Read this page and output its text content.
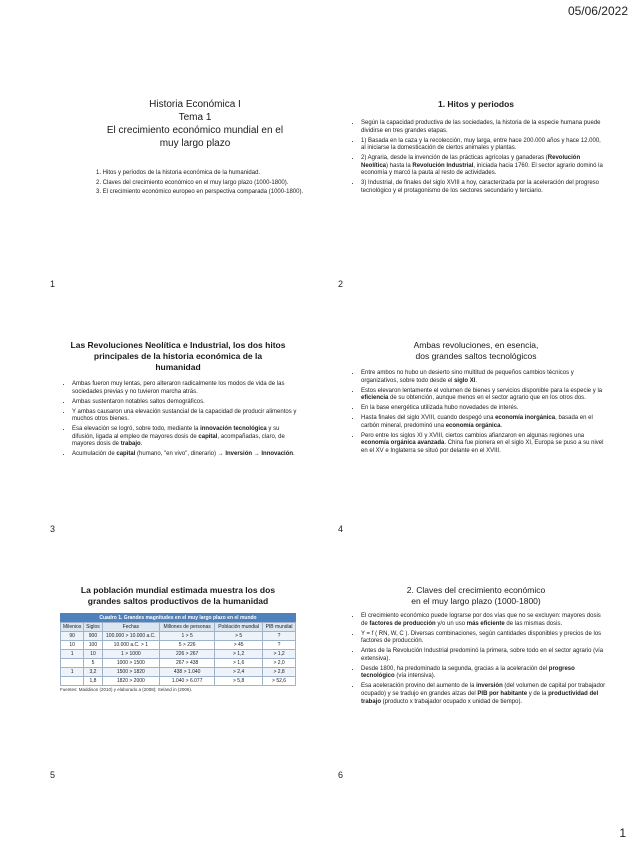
05/06/2022
Historia Económica I
Tema 1
El crecimiento económico mundial en el
muy largo plazo
1. Hitos y períodos de la historia económica de la humanidad.
2. Claves del crecimiento económico en el muy largo plazo (1000-1800).
3. El crecimiento económico europeo en perspectiva comparada (1000-1800).
1
1. Hitos y periodos
• Según la capacidad productiva de las sociedades, la historia de la especie humana puede dividirse en tres grandes etapas.
• 1) Basada en la caza y la recolección, muy larga, entre hace 200.000 años y hace 12.000, al iniciarse la domesticación de ciertos animales y plantas.
• 2) Agraria, desde la invención de las prácticas agrícolas y ganaderas (Revolución Neolítica) hasta la Revolución Industrial, iniciada hacia 1760. El sector agrario dominó la economía y marcó la pauta al resto de actividades.
• 3) Industrial, de finales del siglo XVIII a hoy, caracterizada por la aceleración del progreso tecnológico y el protagonismo de los sectores secundario y terciario.
2
Las Revoluciones Neolítica e Industrial, los dos hitos
principales de la historia económica de la
humanidad
• Ambas fueron muy lentas, pero alteraron radicalmente los modos de vida de las sociedades previas y no tuvieron marcha atrás.
• Ambas sustentaron notables saltos demográficos.
• Y ambas causaron una elevación sustancial de la capacidad de producir alimentos y muchos otros bienes.
• Esa elevación se logró, sobre todo, mediante la innovación tecnológica y su difusión, ligada al empleo de mayores dosis de capital, acompañadas, claro, de mayores dosis de trabajo.
• Acumulación de capital (humano, "en vivo", dinerario) → Inversión → Innovación.
3
Ambas revoluciones, en esencia,
dos grandes saltos tecnológicos
• Entre ambos no hubo un desierto sino multitud de pequeños cambios técnicos y organizativos, sobre todo desde el siglo XI.
• Estos elevaron lentamente el volumen de bienes y servicios disponible para la especie y la eficiencia de su obtención, aunque menos en el sector agrario que en los otros dos.
• En la base energética utilizada hubo novedades de interés.
• Hasta finales del siglo XVIII, cuando despegó una economía inorgánica, basada en el carbón mineral, predominó una economía orgánica.
• Pero entre los siglos XI y XVIII, ciertos cambios afianzaron en algunas regiones una economía orgánica avanzada. China fue pionera en el siglo XI, Europa se puso a su nivel en el XV e Inglaterra se situó por delante en el XVIII.
4
La población mundial estimada muestra los dos
grandes saltos productivos de la humanidad
Cuadro 1. Grandes magnitudes en el muy largo plazo en el mundo
Milenios	Siglos	Fechas	Millones de personas	Población mundial	PIB mundial
90	900	100.000 > 10.000 a.C.	1 > 5	> 5	?
10	100	10.000 a.C. > 1	5 > 226	> 45	?
1	10	1 > 1000	226 > 267	> 1,2	> 1,2
	5	1000 > 1500	267 > 438	> 1,6	> 2,0
1	3,2	1500 > 1820	438 > 1.040	> 2,4	> 2,8
	1,8	1820 > 2000	1.040 > 6.077	> 5,8	> 52,6
Fuentes: Maddison (2010) y elaborado a (2008); Seland in (2006).
5
2. Claves del crecimiento económico
en el muy largo plazo (1000-1800)
• El crecimiento económico puede lograrse por dos vías que no se excluyen: mayores dosis de factores de producción y/o un uso más eficiente de las mismas dosis.
• Y = f ( RN, W, C ). Diversas combinaciones, según cantidades disponibles y precios de los factores de producción.
• Antes de la Revolución Industrial predominó la primera, sobre todo en el sector agrario (vía extensiva).
• Desde 1800, ha predominado la segunda, gracias a la aceleración del progreso tecnológico (vía intensiva).
• Esa aceleración provino del aumento de la inversión (del volumen de capital por trabajador ocupado) y se tradujo en grandes alzas del PIB por habitante y de la productividad del trabajo (producto x trabajador ocupado x unidad de tiempo).
6
1
